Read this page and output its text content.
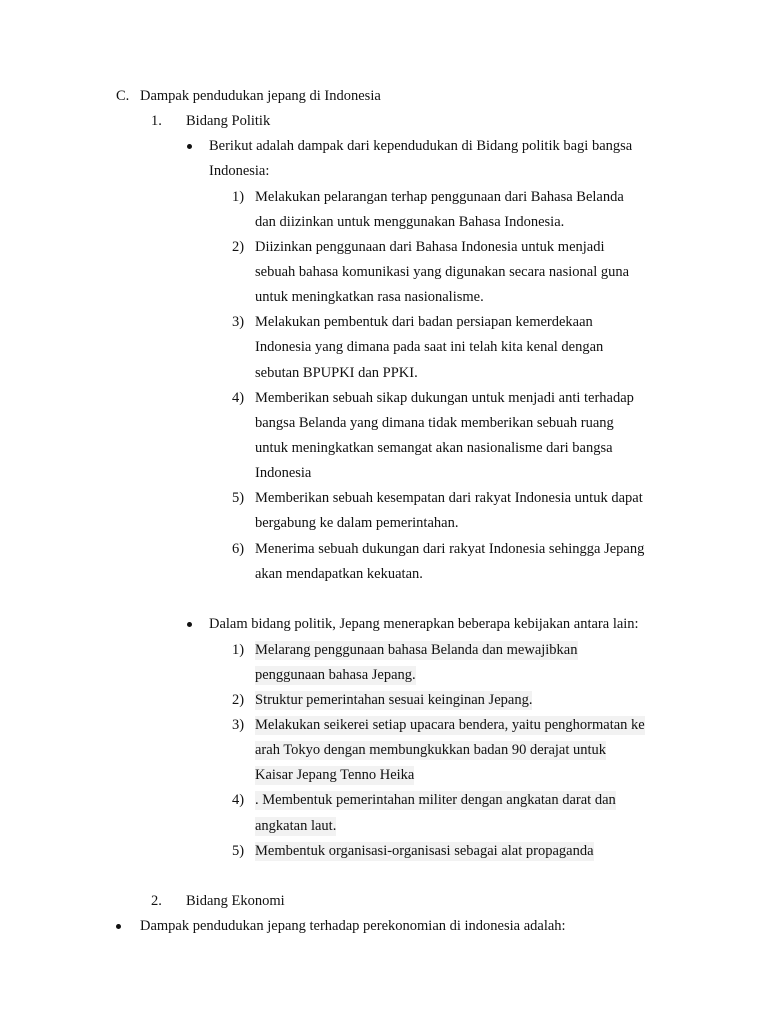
C. Dampak pendudukan jepang di Indonesia
1. Bidang Politik
Berikut adalah dampak dari kependudukan di Bidang politik bagi bangsa
Indonesia:
1) Melakukan pelarangan terhap penggunaan dari Bahasa Belanda
dan diizinkan untuk menggunakan Bahasa Indonesia.
2) Diizinkan penggunaan dari Bahasa Indonesia untuk menjadi
sebuah bahasa komunikasi yang digunakan secara nasional guna
untuk meningkatkan rasa nasionalisme.
3) Melakukan pembentuk dari badan persiapan kemerdekaan
Indonesia yang dimana pada saat ini telah kita kenal dengan
sebutan BPUPKI dan PPKI.
4) Memberikan sebuah sikap dukungan untuk menjadi anti terhadap
bangsa Belanda yang dimana tidak memberikan sebuah ruang
untuk meningkatkan semangat akan nasionalisme dari bangsa
Indonesia
5) Memberikan sebuah kesempatan dari rakyat Indonesia untuk dapat
bergabung ke dalam pemerintahan.
6) Menerima sebuah dukungan dari rakyat Indonesia sehingga Jepang
akan mendapatkan kekuatan.
Dalam bidang politik, Jepang menerapkan beberapa kebijakan antara lain:
1) Melarang penggunaan bahasa Belanda dan mewajibkan
penggunaan bahasa Jepang.
2) Struktur pemerintahan sesuai keinginan Jepang.
3) Melakukan seikerei setiap upacara bendera, yaitu penghormatan ke
arah Tokyo dengan membungkukkan badan 90 derajat untuk
Kaisar Jepang Tenno Heika
4) . Membentuk pemerintahan militer dengan angkatan darat dan
angkatan laut.
5) Membentuk organisasi-organisasi sebagai alat propaganda
2. Bidang Ekonomi
Dampak pendudukan jepang terhadap perekonomian di indonesia adalah:
